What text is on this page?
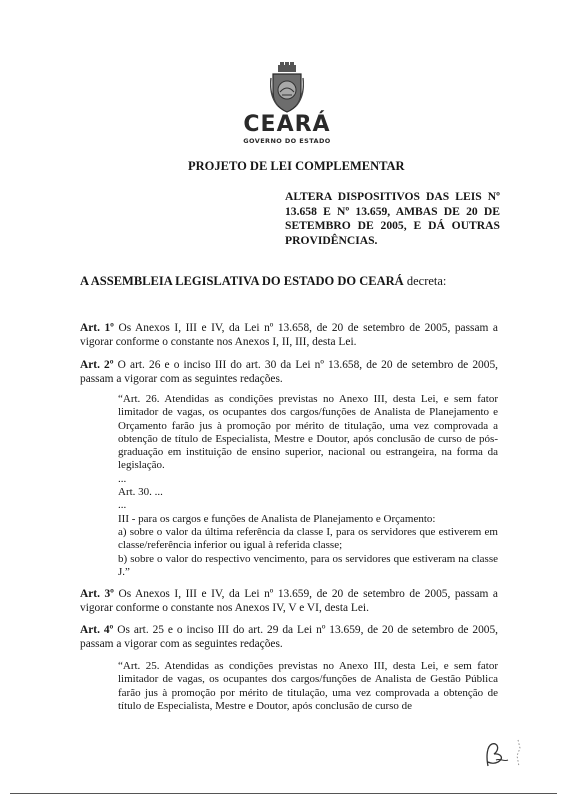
CEARÁ
GOVERNO DO ESTADO
PROJETO DE LEI COMPLEMENTAR
ALTERA DISPOSITIVOS DAS LEIS Nº 13.658 E Nº 13.659, AMBAS DE 20 DE SETEMBRO DE 2005, E DÁ OUTRAS PROVIDÊNCIAS.
A ASSEMBLEIA LEGISLATIVA DO ESTADO DO CEARÁ decreta:
Art. 1º Os Anexos I, III e IV, da Lei nº 13.658, de 20 de setembro de 2005, passam a vigorar conforme o constante nos Anexos I, II, III, desta Lei.
Art. 2º O art. 26 e o inciso III do art. 30 da Lei nº 13.658, de 20 de setembro de 2005, passam a vigorar com as seguintes redações.

“Art. 26. Atendidas as condições previstas no Anexo III, desta Lei, e sem fator limitador de vagas, os ocupantes dos cargos/funções de Analista de Planejamento e Orçamento farão jus à promoção por mérito de titulação, uma vez comprovada a obtenção de título de Especialista, Mestre e Doutor, após conclusão de curso de pós-graduação em instituição de ensino superior, nacional ou estrangeira, na forma da legislação.

...

Art. 30. ...

...

III - para os cargos e funções de Analista de Planejamento e Orçamento:

a) sobre o valor da última referência da classe I, para os servidores que estiverem em classe/referência inferior ou igual à referida classe;

b) sobre o valor do respectivo vencimento, para os servidores que estiveram na classe J.”

Art. 3º Os Anexos I, III e IV, da Lei nº 13.659, de 20 de setembro de 2005, passam a vigorar conforme o constante nos Anexos IV, V e VI, desta Lei.
Art. 4º Os art. 25 e o inciso III do art. 29 da Lei nº 13.659, de 20 de setembro de 2005, passam a vigorar com as seguintes redações.

“Art. 25. Atendidas as condições previstas no Anexo III, desta Lei, e sem fator limitador de vagas, os ocupantes dos cargos/funções de Analista de Gestão Pública farão jus à promoção por mérito de titulação, uma vez comprovada a obtenção de título de Especialista, Mestre e Doutor, após conclusão de curso de
